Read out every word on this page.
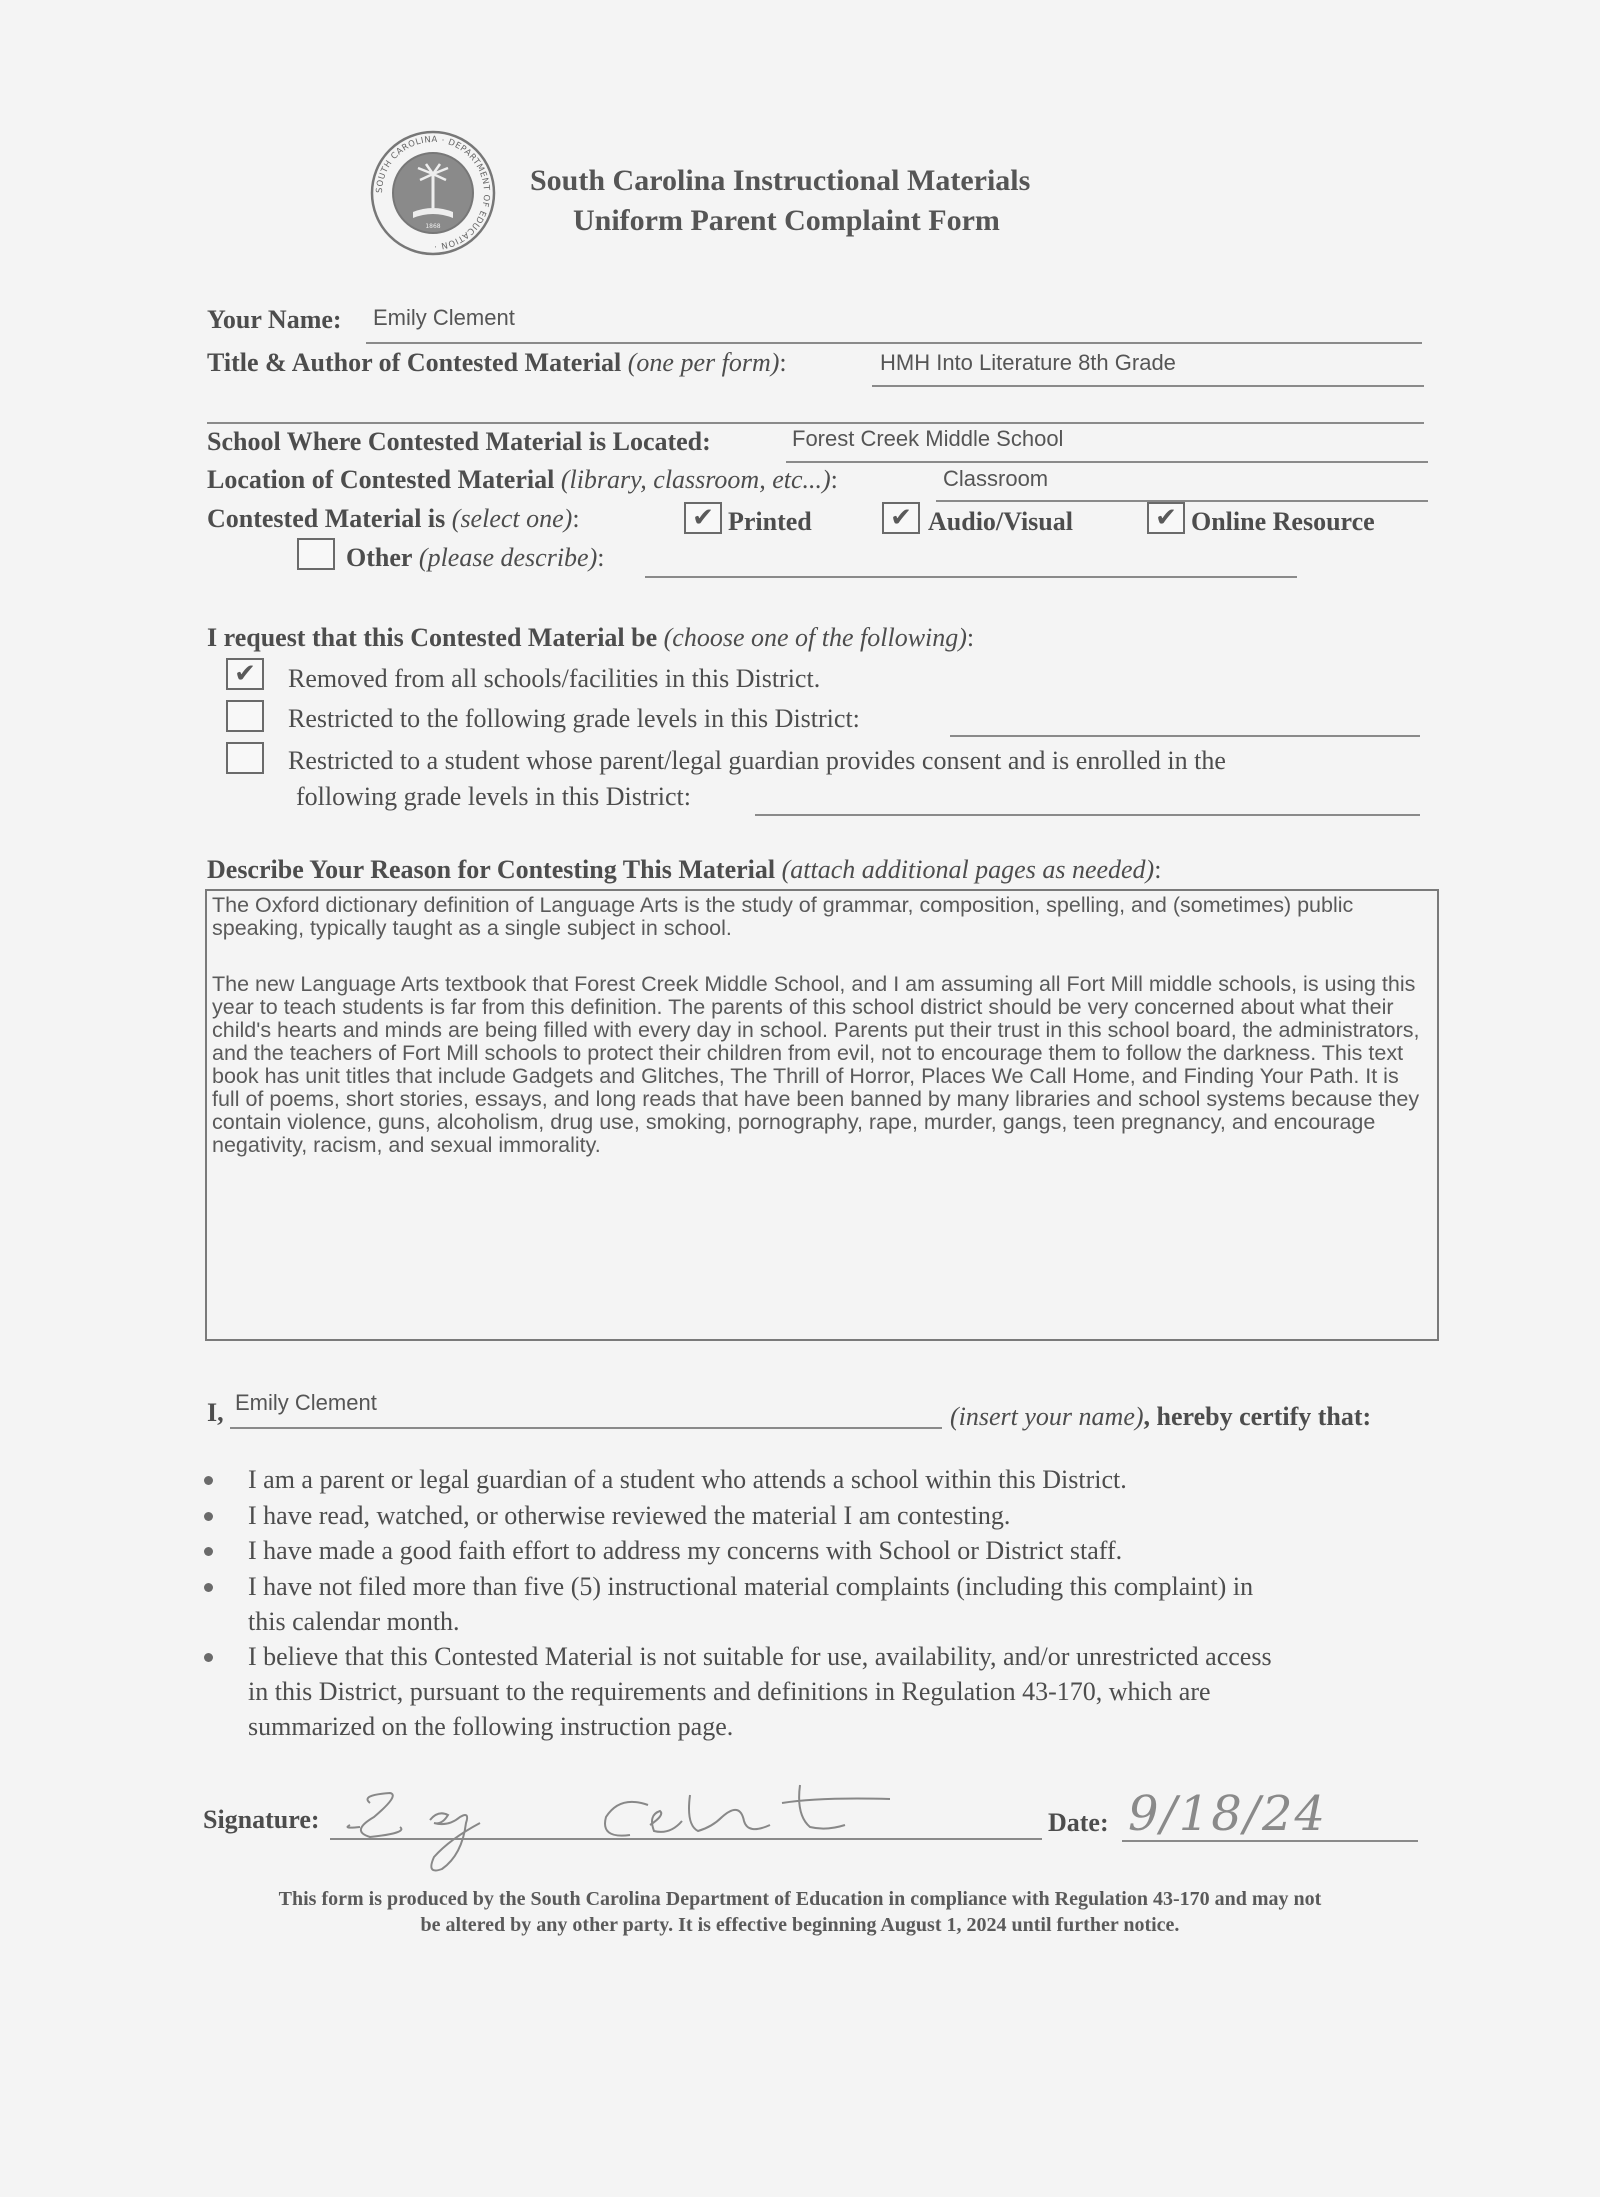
SOUTH CAROLINA · DEPARTMENT OF EDUCATION ·
1868
South Carolina Instructional Materials
Uniform Parent Complaint Form
Your Name: Emily Clement
Title & Author of Contested Material (one per form):	HMH Into Literature 8th Grade
School Where Contested Material is Located:	Forest Creek Middle School
Location of Contested Material (library, classroom, etc...):	Classroom
Contested Material is (select one):	✔ Printed	✔ Audio/Visual	✔ Online Resource
Other (please describe):
I request that this Contested Material be (choose one of the following):
✔	Removed from all schools/facilities in this District.
Restricted to the following grade levels in this District:
Restricted to a student whose parent/legal guardian provides consent and is enrolled in the
following grade levels in this District:
Describe Your Reason for Contesting This Material (attach additional pages as needed):
The Oxford dictionary definition of Language Arts is the study of grammar, composition, spelling, and (sometimes) public speaking, typically taught as a single subject in school.
The new Language Arts textbook that Forest Creek Middle School, and I am assuming all Fort Mill middle schools, is using this year to teach students is far from this definition. The parents of this school district should be very concerned about what their child's hearts and minds are being filled with every day in school. Parents put their trust in this school board, the administrators, and the teachers of Fort Mill schools to protect their children from evil, not to encourage them to follow the darkness. This text book has unit titles that include Gadgets and Glitches, The Thrill of Horror, Places We Call Home, and Finding Your Path. It is full of poems, short stories, essays, and long reads that have been banned by many libraries and school systems because they contain violence, guns, alcoholism, drug use, smoking, pornography, rape, murder, gangs, teen pregnancy, and encourage negativity, racism, and sexual immorality.
I, Emily Clement	(insert your name), hereby certify that:
I am a parent or legal guardian of a student who attends a school within this District.
I have read, watched, or otherwise reviewed the material I am contesting.
I have made a good faith effort to address my concerns with School or District staff.
I have not filed more than five (5) instructional material complaints (including this complaint) in
this calendar month.
I believe that this Contested Material is not suitable for use, availability, and/or unrestricted access
in this District, pursuant to the requirements and definitions in Regulation 43-170, which are
summarized on the following instruction page.
Signature:	Date: 9/18/24
This form is produced by the South Carolina Department of Education in compliance with Regulation 43-170 and may not
be altered by any other party. It is effective beginning August 1, 2024 until further notice.
